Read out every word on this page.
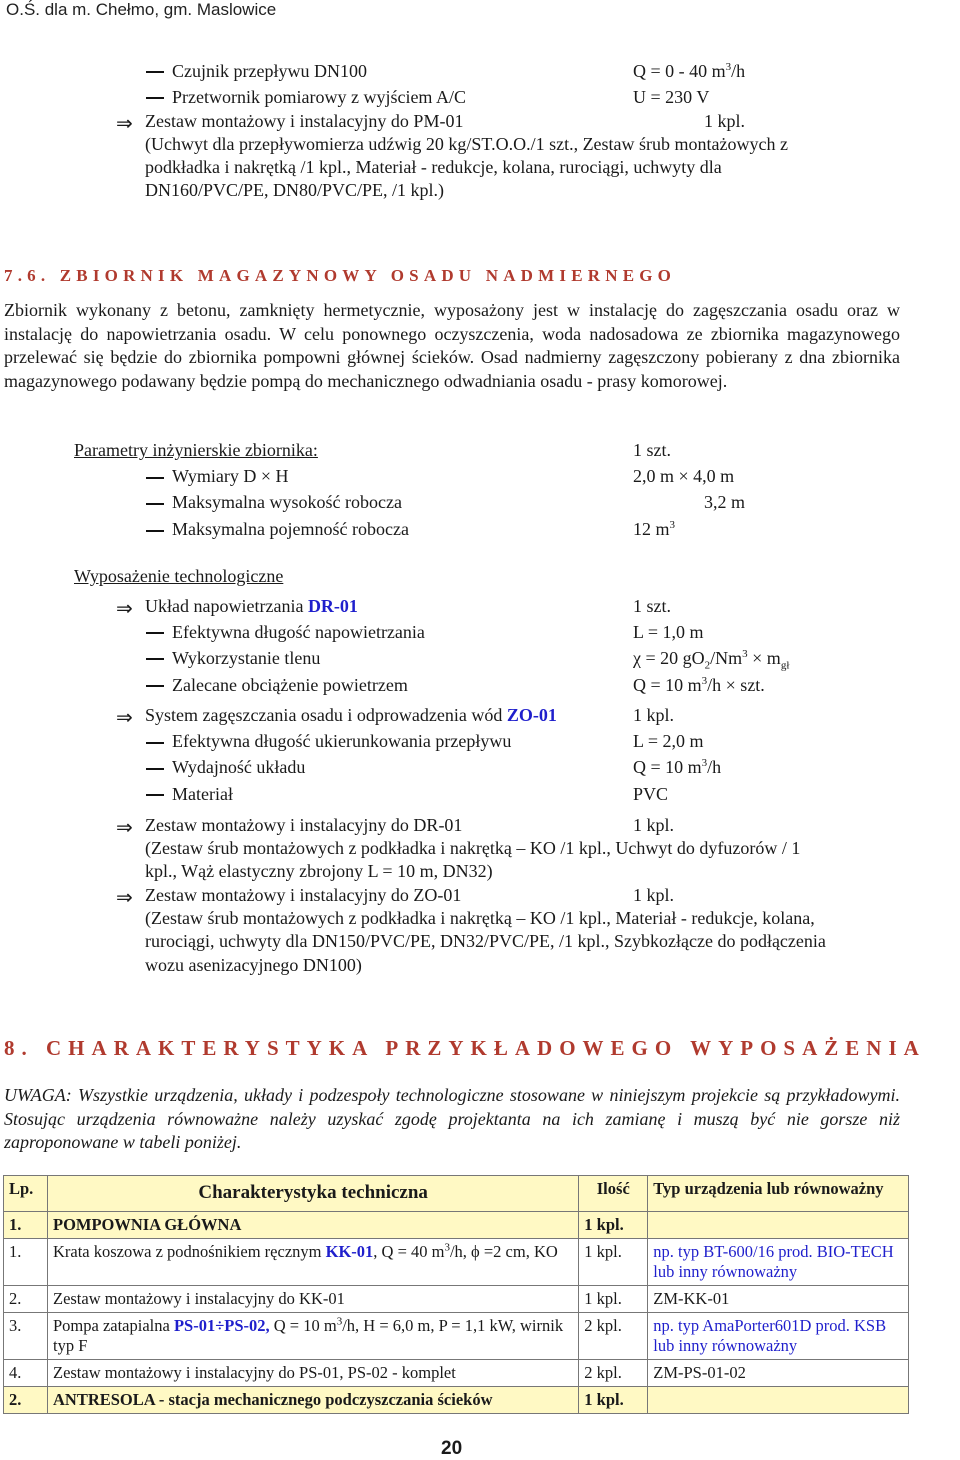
O.Ś. dla m. Chełmo, gm. Maslowice
Czujnik przepływu DN100	Q = 0 - 40 $m^3/h$
Przetwornik pomiarowy z wyjściem A/C	U = 230 V
⇒ Zestaw montażowy i instalacyjny do PM-01	1 kpl.
(Uchwyt dla przepływomierza udźwig 20 kg/ST.O.O./1 szt., Zestaw śrub montażowych z
podkładka i nakrętką /1 kpl., Materiał - redukcje, kolana, rurociągi, uchwyty dla
DN160/PVC/PE, DN80/PVC/PE, /1 kpl.)
7.6. ZBIORNIK MAGAZYNOWY OSADU NADMIERNEGO
Zbiornik wykonany z betonu, zamknięty hermetycznie, wyposażony jest w instalację do zagęszczania osadu oraz w instalację do napowietrzania osadu. W celu ponownego oczyszczenia, woda nadosadowa ze zbiornika magazynowego przelewać się będzie do zbiornika pompowni głównej ścieków. Osad nadmierny zagęszczony pobierany z dna zbiornika magazynowego podawany będzie pompą do mechanicznego odwadniania osadu - prasy komorowej.
Parametry inżynierskie zbiornika:	1 szt.
Wymiary D × H	2,0 m × 4,0 m
Maksymalna wysokość robocza	3,2 m
Maksymalna pojemność robocza	12 $m^3$
Wyposażenie technologiczne
⇒ Układ napowietrzania DR-01	1 szt.
Efektywna długość napowietrzania	L = 1,0 m
Wykorzystanie tlenu	χ = 20 $gO_2/Nm^3 \times m_{gł}$
Zalecane obciążenie powietrzem	Q = 10 $m^3/h$ × szt.
⇒ System zagęszczania osadu i odprowadzenia wód ZO-01	1 kpl.
Efektywna długość ukierunkowania przepływu	L = 2,0 m
Wydajność układu	Q = 10 $m^3/h$
Materiał	PVC
⇒ Zestaw montażowy i instalacyjny do DR-01	1 kpl.
(Zestaw śrub montażowych z podkładka i nakrętką – KO /1 kpl., Uchwyt do dyfuzorów / 1
kpl., Wąż elastyczny zbrojony L = 10 m, DN32)
⇒ Zestaw montażowy i instalacyjny do ZO-01	1 kpl.
(Zestaw śrub montażowych z podkładka i nakrętką – KO /1 kpl., Materiał - redukcje, kolana,
rurociągi, uchwyty dla DN150/PVC/PE, DN32/PVC/PE, /1 kpl., Szybkozłącze do podłączenia
wozu asenizacyjnego DN100)
8. CHARAKTERYSTYKA PRZYKŁADOWEGO WYPOSAŻENIA
UWAGA: Wszystkie urządzenia, układy i podzespoły technologiczne stosowane w niniejszym projekcie są przykładowymi. Stosując urządzenia równoważne należy uzyskać zgodę projektanta na ich zamianę i muszą być nie gorsze niż zaproponowane w tabeli poniżej.
Lp.	Charakterystyka techniczna	Ilość	Typ urządzenia lub równoważny
1.	POMPOWNIA GŁÓWNA	1 kpl.	
1.	Krata koszowa z podnośnikiem ręcznym KK-01, Q = 40 $m^3/h$, ϕ =2 cm, KO	1 kpl.	np. typ BT-600/16 prod. BIO-TECH lub inny równoważny
2.	Zestaw montażowy i instalacyjny do KK-01	1 kpl.	ZM-KK-01
3.	Pompa zatapialna PS-01÷PS-02, Q = 10 $m^3/h$, H = 6,0 m, P = 1,1 kW, wirnik typ F	2 kpl.	np. typ AmaPorter601D prod. KSB lub inny równoważny
4.	Zestaw montażowy i instalacyjny do PS-01, PS-02 - komplet	2 kpl.	ZM-PS-01-02
2.	ANTRESOLA - stacja mechanicznego podczyszczania ścieków	1 kpl.	
20
